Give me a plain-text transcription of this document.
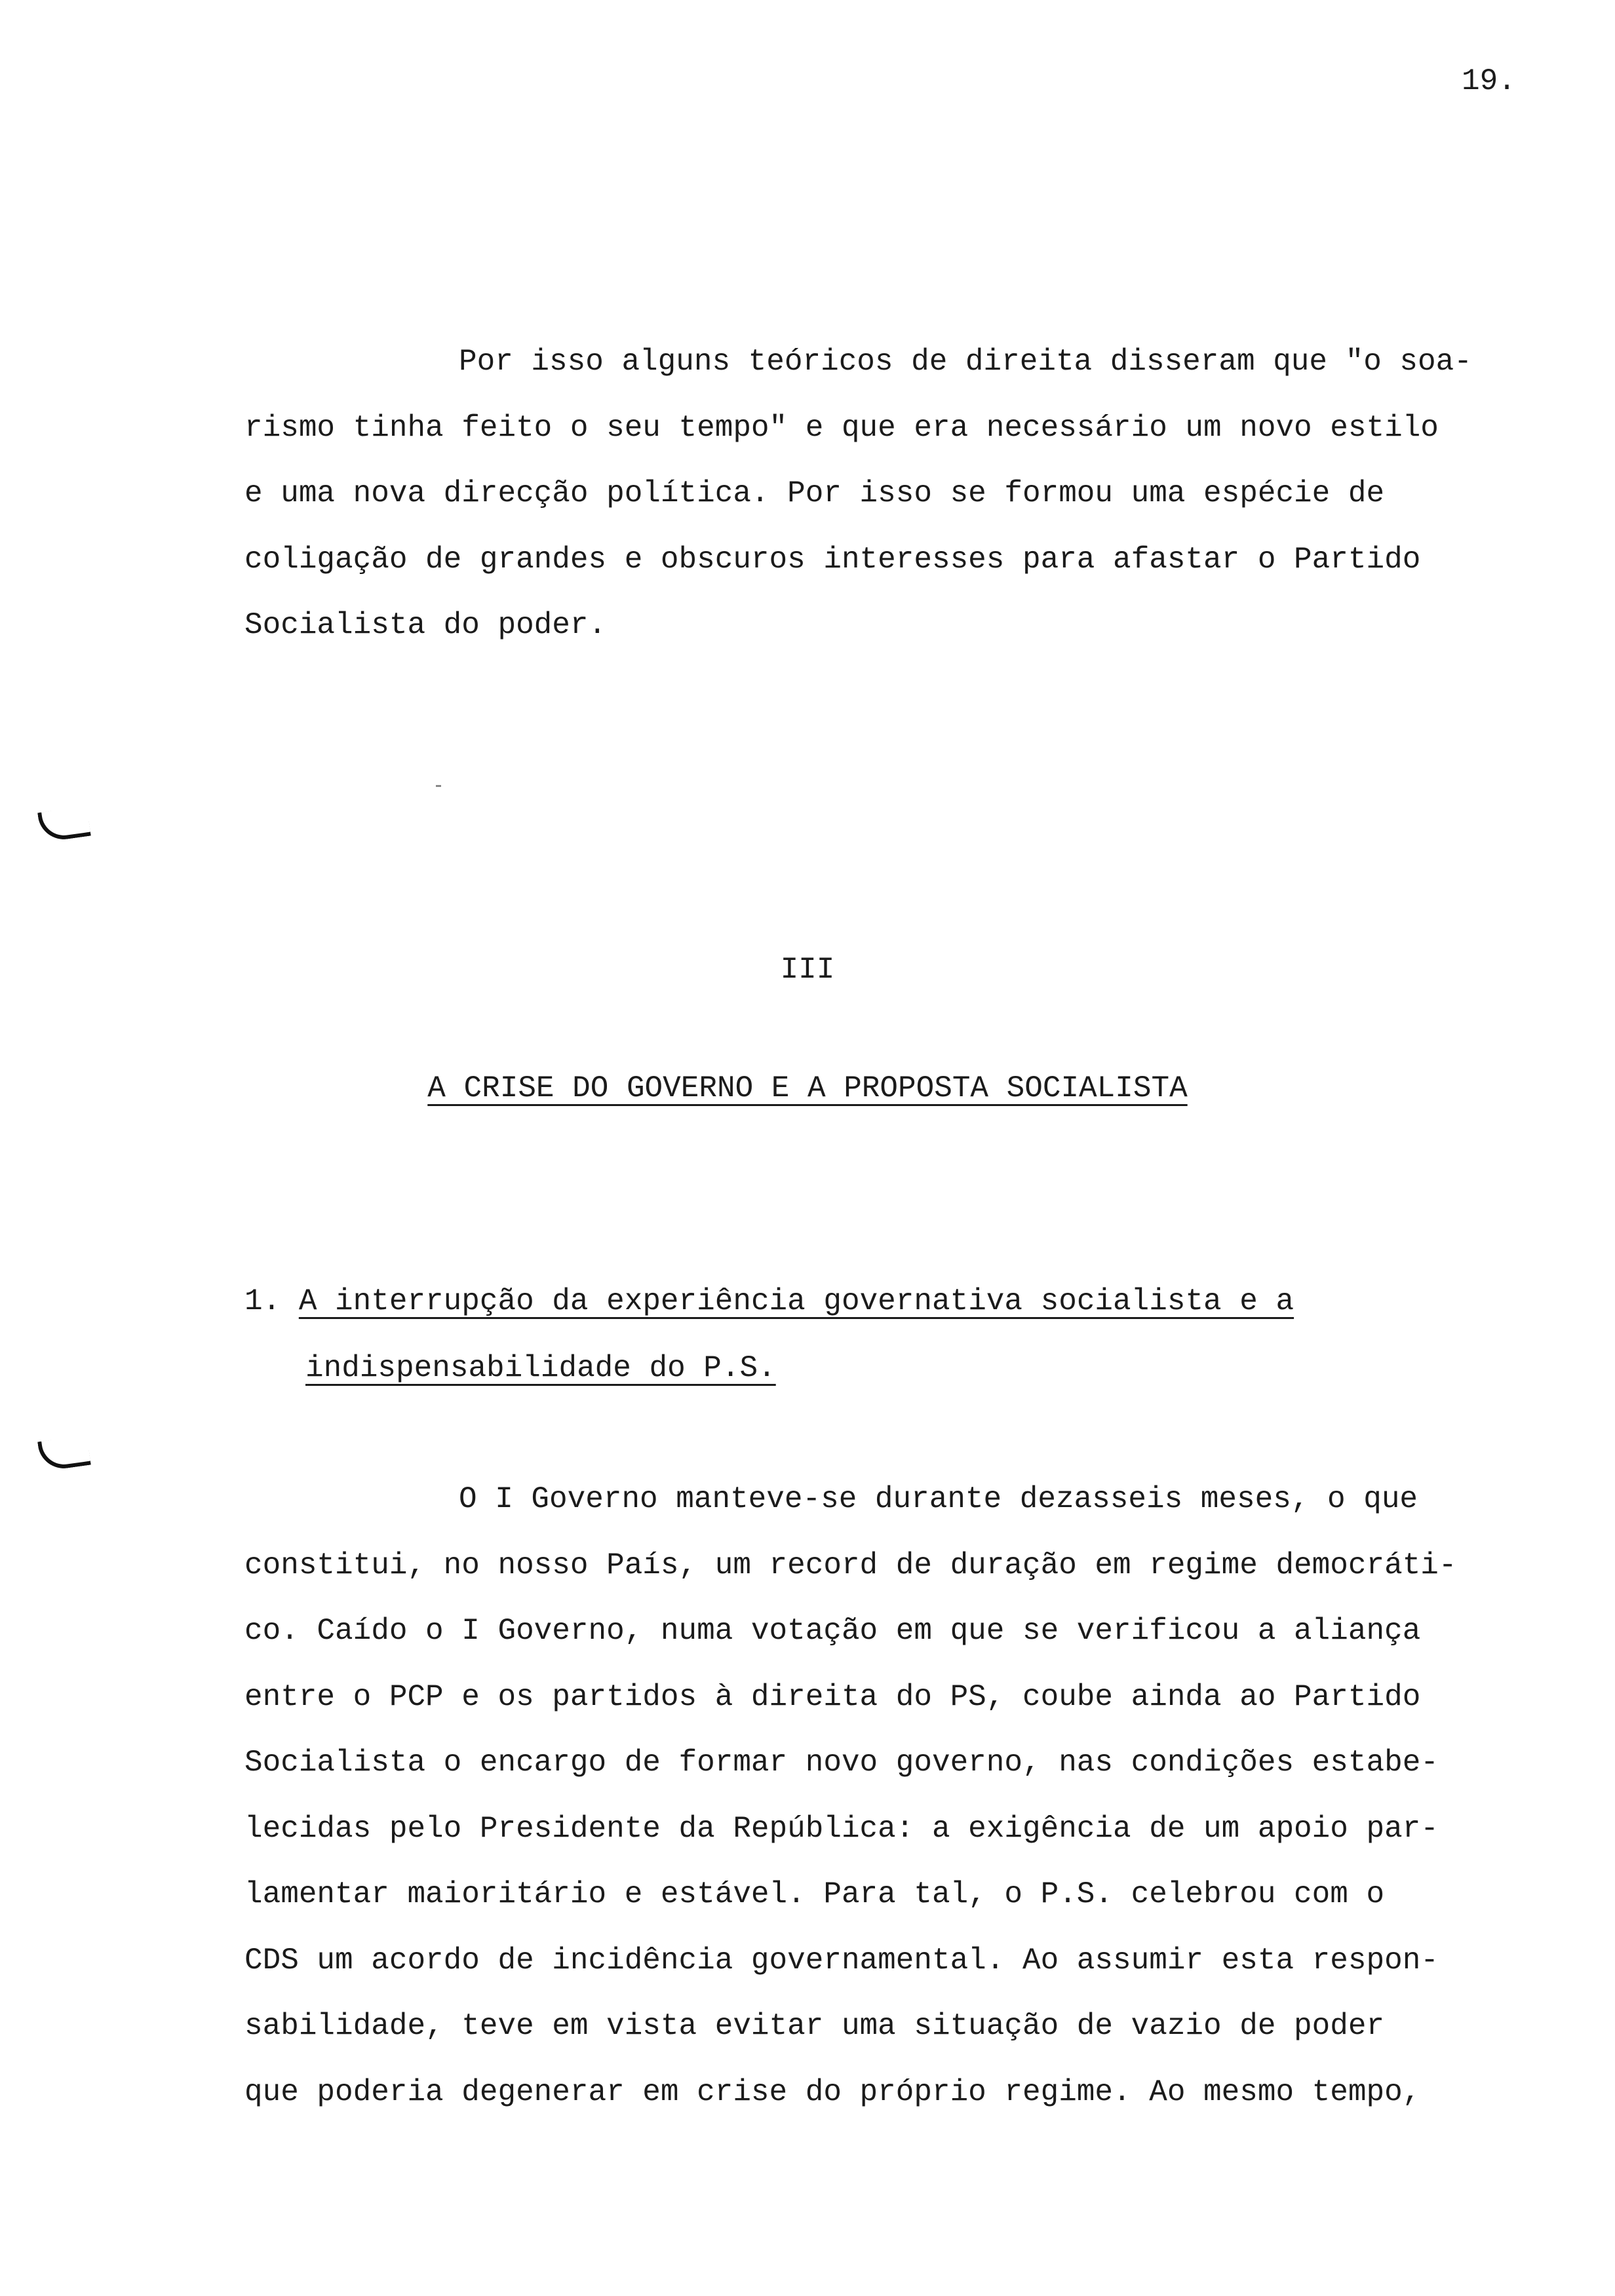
19.
Por isso alguns teóricos de direita disseram que "o soa-
rismo tinha feito o seu tempo" e que era necessário um novo estilo
e uma nova direcção política. Por isso se formou uma espécie de
coligação de grandes e obscuros interesses para afastar o Partido
Socialista do poder.
III
A CRISE DO GOVERNO E A PROPOSTA SOCIALISTA
1. A interrupção da experiência governativa socialista e a
indispensabilidade do P.S.
O I Governo manteve-se durante dezasseis meses, o que
constitui, no nosso País, um record de duração em regime democráti-
co. Caído o I Governo, numa votação em que se verificou a aliança
entre o PCP e os partidos à direita do PS, coube ainda ao Partido
Socialista o encargo de formar novo governo, nas condições estabe-
lecidas pelo Presidente da República: a exigência de um apoio par-
lamentar maioritário e estável. Para tal, o P.S. celebrou com o
CDS um acordo de incidência governamental. Ao assumir esta respon-
sabilidade, teve em vista evitar uma situação de vazio de poder
que poderia degenerar em crise do próprio regime. Ao mesmo tempo,
